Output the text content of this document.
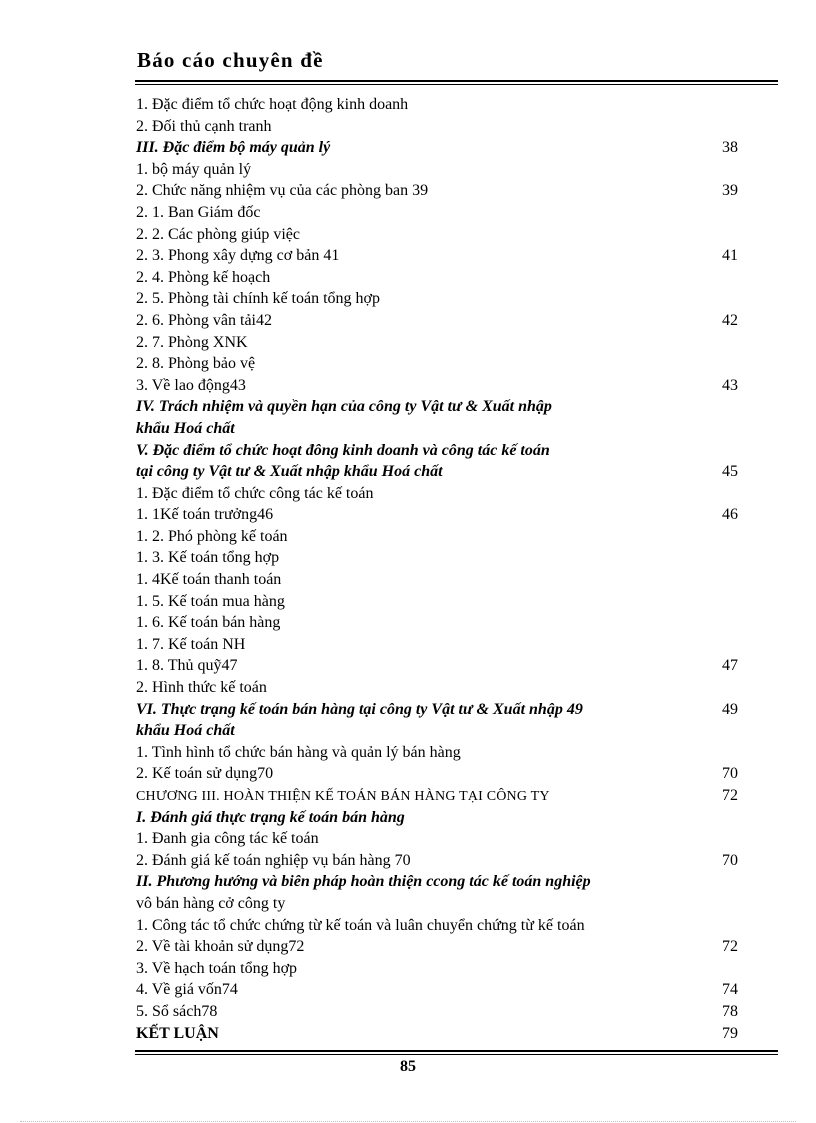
Báo cáo chuyên đề
1. Đặc điểm tổ chức hoạt động kinh doanh
2. Đối thủ cạnh tranh
III. Đặc điểm bộ máy quản lý	38
1. bộ máy quản lý
2. Chức năng nhiệm vụ của các phòng ban 39	39
2. 1. Ban Giám đốc
2. 2. Các phòng giúp việc
2. 3. Phong xây dựng cơ bản 41	41
2. 4. Phòng kế hoạch
2. 5. Phòng tài chính kế toán tổng hợp
2. 6. Phòng vân tải42	42
2. 7. Phòng XNK
2. 8. Phòng bảo vệ
3. Về lao động43	43
IV. Trách nhiệm và quyền hạn của công ty Vật tư & Xuất nhập
khẩu Hoá chất
V. Đặc điểm tổ chức hoạt đông kinh doanh và công tác kế toán
tại công ty Vật tư & Xuất nhập khẩu Hoá chất	45
1. Đặc điểm tổ chức công tác kế toán
1. 1Kế toán trưởng46	46
1. 2. Phó phòng kế toán
1. 3. Kế toán tổng hợp
1. 4Kế toán thanh toán
1. 5. Kế toán mua hàng
1. 6. Kế toán bán hàng
1. 7. Kế toán NH
1. 8. Thủ quỹ47	47
2. Hình thức kế toán
VI. Thực trạng kế toán bán hàng tại công ty Vật tư & Xuất nhập 49	49
khẩu Hoá chất
1. Tình hình tổ chức bán hàng và quản lý bán hàng
2. Kế toán sử dụng70	70
CHƯƠNG III. HOÀN THIỆN KẾ TOÁN BÁN HÀNG TẠI CÔNG TY	72
I. Đánh giá thực trạng kế toán bán hàng
1. Đanh gia công tác kế toán
2. Đánh giá kế toán nghiệp vụ bán hàng 70	70
II. Phương hướng và biên pháp hoàn thiện ccong tác kế toán nghiệp
vô bán hàng cở công ty
1. Công tác tổ chức chứng từ kế toán và luân chuyển chứng từ kế toán
2. Về tài khoản sử dụng72	72
3. Về hạch toán tổng hợp
4. Về giá vốn74	74
5. Sổ sách78	78
KẾT LUẬN	79
85
